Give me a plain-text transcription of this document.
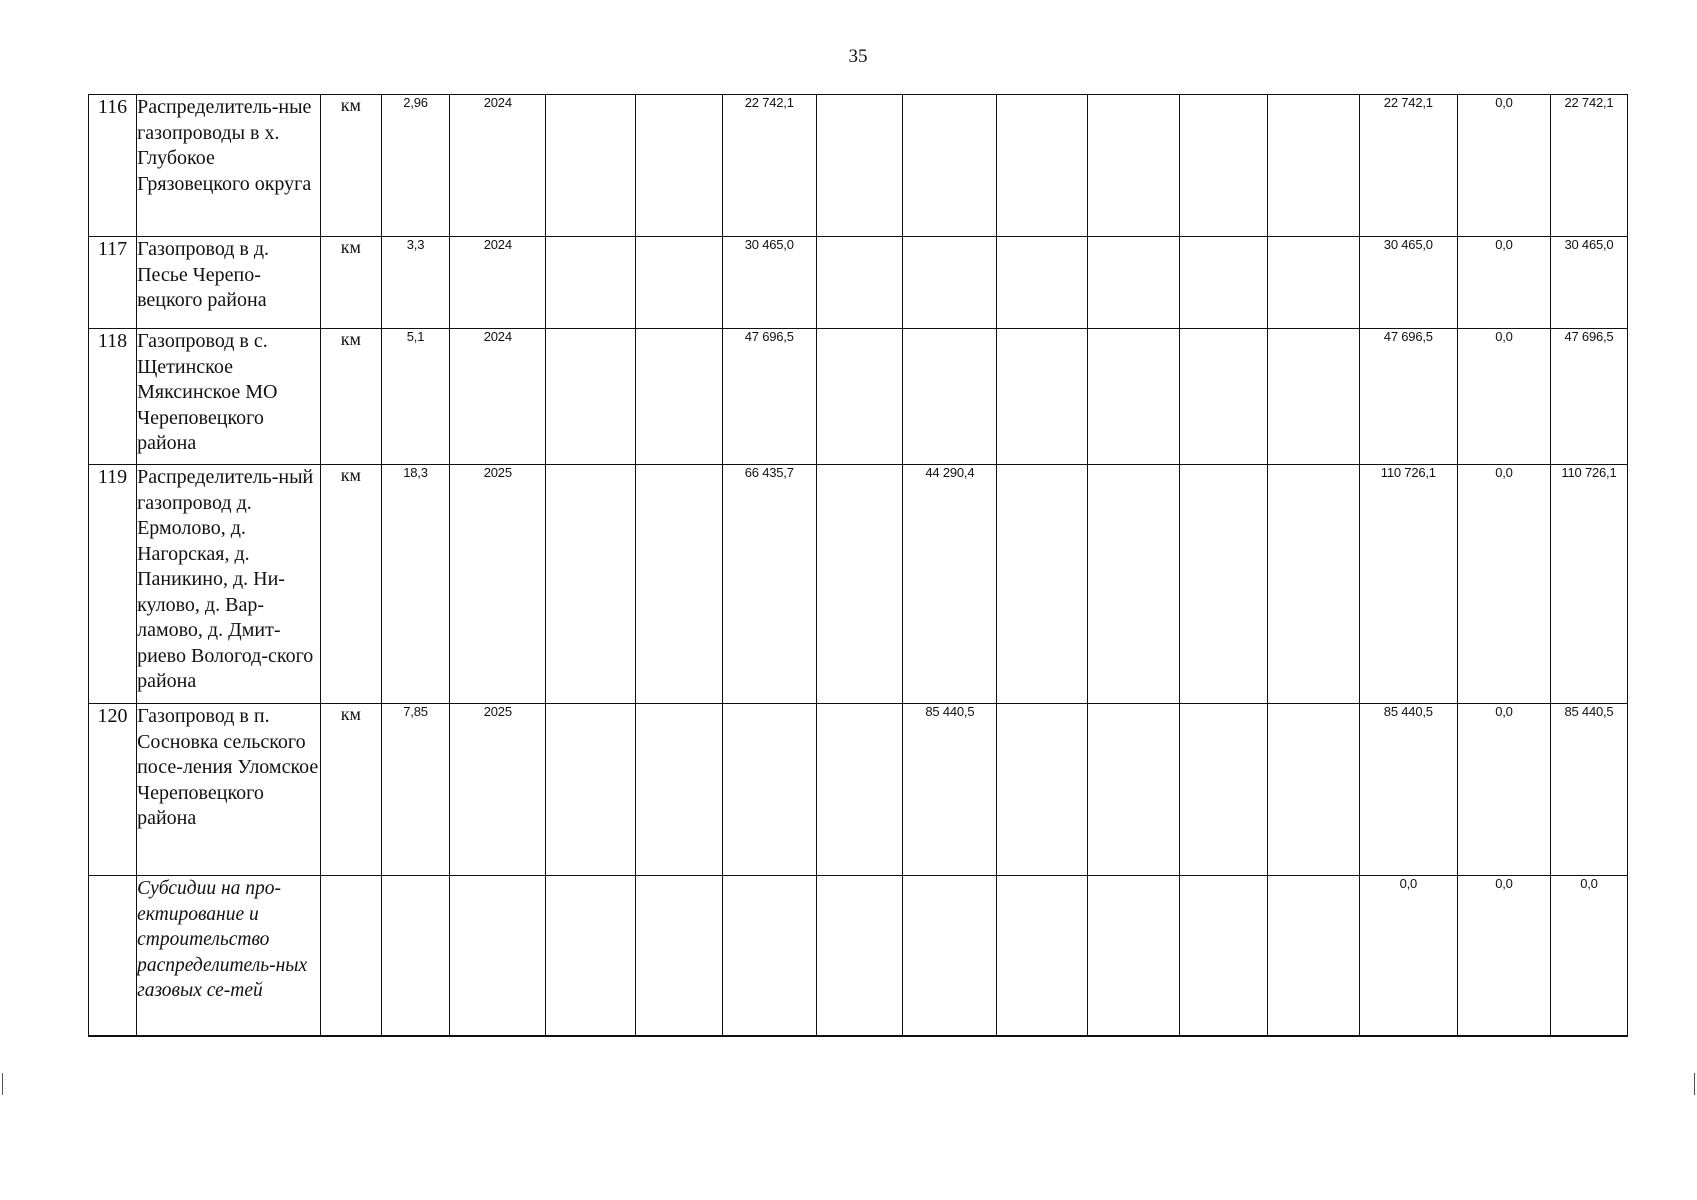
35
116	Распределитель-ные газопроводы в х. Глубокое Грязовецкого округа	км	2,96	2024			22 742,1							22 742,1	0,0	22 742,1
117	Газопровод в д. Песье Черепо-вецкого района	км	3,3	2024			30 465,0							30 465,0	0,0	30 465,0
118	Газопровод в с. Щетинское Мяксинское МО Череповецкого района	км	5,1	2024			47 696,5							47 696,5	0,0	47 696,5
119	Распределитель-ный газопровод д. Ермолово, д. Нагорская, д. Паникино, д. Ни-кулово, д. Вар-ламово, д. Дмит-риево Вологод-ского района	км	18,3	2025			66 435,7		44 290,4					110 726,1	0,0	110 726,1
120	Газопровод в п. Сосновка сельского посе-ления Уломское Череповецкого района	км	7,85	2025					85 440,5					85 440,5	0,0	85 440,5
	Субсидии на про-ектирование и строительство распределитель-ных газовых се-тей													0,0	0,0	0,0
